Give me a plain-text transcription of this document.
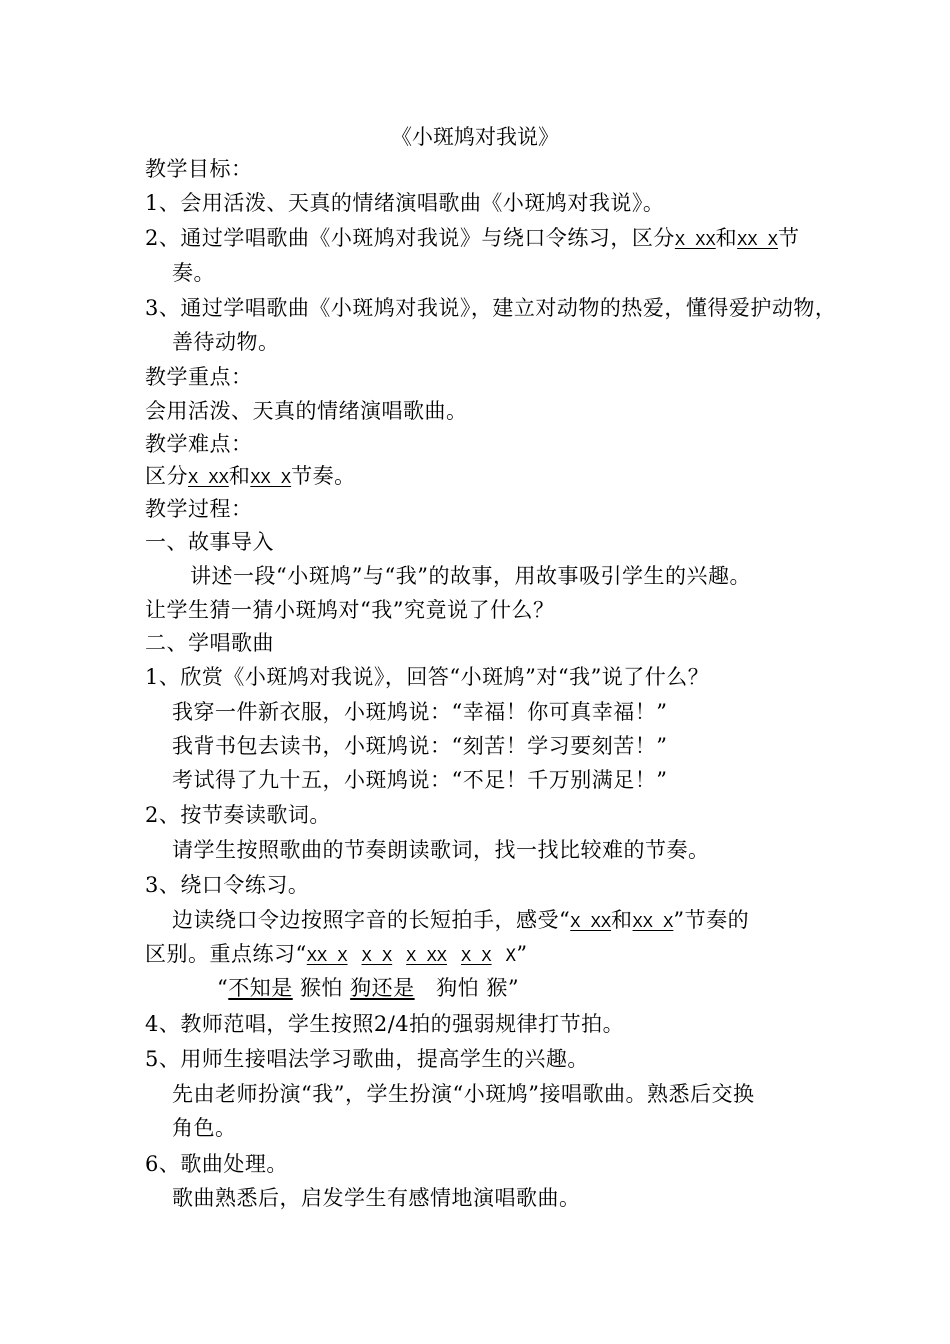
《小斑鸠对我说》
教学目标：
1、会用活泼、天真的情绪演唱歌曲《小斑鸠对我说》。
2、通过学唱歌曲《小斑鸠对我说》与绕口令练习，区分X XX和XX X节
奏。
3、通过学唱歌曲《小斑鸠对我说》，建立对动物的热爱，懂得爱护动物，
善待动物。
教学重点：
会用活泼、天真的情绪演唱歌曲。
教学难点：
区分X XX和XX X节奏。
教学过程：
一、故事导入
讲述一段“小斑鸠”与“我”的故事，用故事吸引学生的兴趣。
让学生猜一猜小斑鸠对“我”究竟说了什么？
二、学唱歌曲
1、欣赏《小斑鸠对我说》，回答“小斑鸠”对“我”说了什么？
我穿一件新衣服，小斑鸠说：“幸福！你可真幸福！”
我背书包去读书，小斑鸠说：“刻苦！学习要刻苦！”
考试得了九十五，小斑鸠说：“不足！千万别满足！”
2、按节奏读歌词。
请学生按照歌曲的节奏朗读歌词，找一找比较难的节奏。
3、绕口令练习。
边读绕口令边按照字音的长短拍手，感受“X XX和XX X”节奏的
区别。重点练习“XX X X X X XX X X X”
“不知是 猴怕 狗还是 狗怕 猴”
4、教师范唱，学生按照2/4拍的强弱规律打节拍。
5、用师生接唱法学习歌曲，提高学生的兴趣。
先由老师扮演“我”，学生扮演“小斑鸠”接唱歌曲。熟悉后交换
角色。
6、歌曲处理。
歌曲熟悉后，启发学生有感情地演唱歌曲。
